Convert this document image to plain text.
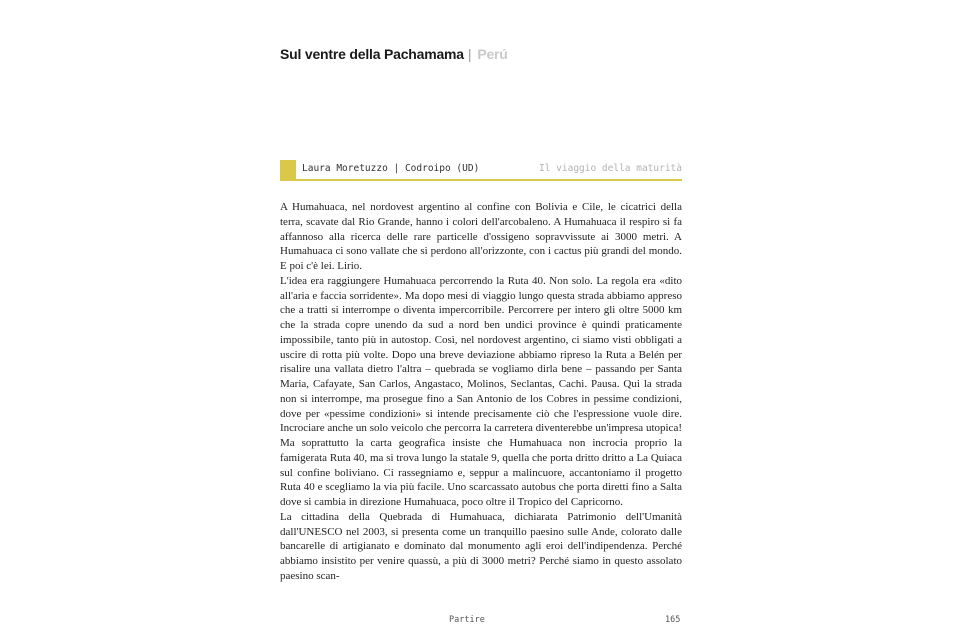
Sul ventre della Pachamama | Perú
Laura Moretuzzo | Codroipo (UD)	Il viaggio della maturità

A Humahuaca, nel nordovest argentino al confine con Bolivia e Cile, le cicatrici della terra, scavate dal Rio Grande, hanno i colori dell'arcobaleno. A Humahuaca il respiro si fa affannoso alla ricerca delle rare particelle d'ossigeno sopravvissute ai 3000 metri. A Humahuaca ci sono vallate che si perdono all'orizzonte, con i cactus più grandi del mondo. E poi c'è lei. Lirio.

L'idea era raggiungere Humahuaca percorrendo la Ruta 40. Non solo. La regola era «dito all'aria e faccia sorridente». Ma dopo mesi di viaggio lungo questa strada abbiamo appreso che a tratti si interrompe o diventa impercorribile. Percorrere per intero gli oltre 5000 km che la strada copre unendo da sud a nord ben undici province è quindi praticamente impossibile, tanto più in autostop. Così, nel nordovest argentino, ci siamo visti obbligati a uscire di rotta più volte. Dopo una breve deviazione abbiamo ripreso la Ruta a Belén per risalire una vallata dietro l'altra – quebrada se vogliamo dirla bene – passando per Santa Maria, Cafayate, San Carlos, Angastaco, Molinos, Seclantas, Cachi. Pausa. Qui la strada non si interrompe, ma prosegue fino a San Antonio de los Cobres in pessime condizioni, dove per «pessime condizioni» si intende precisamente ciò che l'espressione vuole dire. Incrociare anche un solo veicolo che percorra la carretera diventerebbe un'impresa utopica! Ma soprattutto la carta geografica insiste che Humahuaca non incrocia proprio la famigerata Ruta 40, ma si trova lungo la statale 9, quella che porta dritto dritto a La Quiaca sul confine boliviano. Ci rassegniamo e, seppur a malincuore, accantoniamo il progetto Ruta 40 e scegliamo la via più facile. Uno scarcassato autobus che porta diretti fino a Salta dove si cambia in direzione Humahuaca, poco oltre il Tropico del Capricorno.

La cittadina della Quebrada di Humahuaca, dichiarata Patrimonio dell'Umanità dall'UNESCO nel 2003, si presenta come un tranquillo paesino sulle Ande, colorato dalle bancarelle di artigianato e dominato dal monumento agli eroi dell'indipendenza. Perché abbiamo insistito per venire quassù, a più di 3000 metri? Perché siamo in questo assolato paesino scan-

Partire	165
